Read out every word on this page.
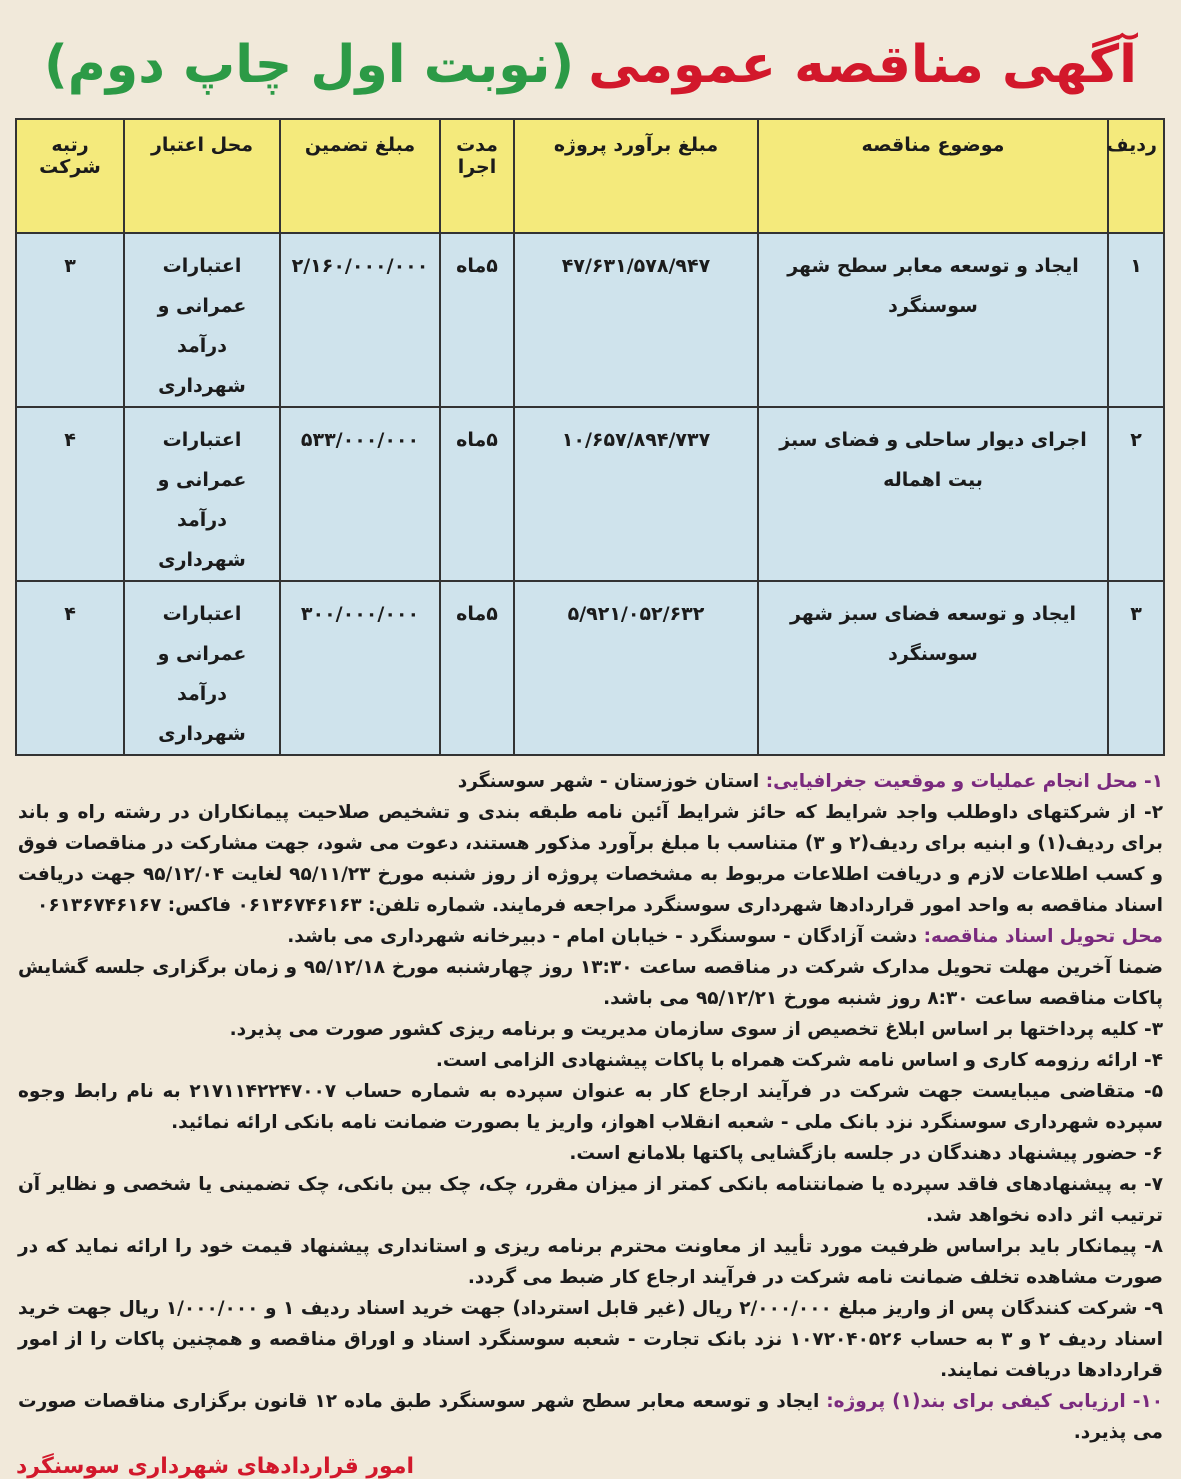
آگهی مناقصه عمومی
(نوبت اول چاپ دوم)
ردیف	موضوع مناقصه	مبلغ برآورد پروژه	مدت اجرا	مبلغ تضمین	محل اعتبار	رتبه شرکت
۱	ایجاد و توسعه معابر سطح شهر سوسنگرد	۴۷/۶۳۱/۵۷۸/۹۴۷	۵ماه	۲/۱۶۰/۰۰۰/۰۰۰	اعتبارات عمرانی و درآمد شهرداری	۳
۲	اجرای دیوار ساحلی و فضای سبز بیت اهماله	۱۰/۶۵۷/۸۹۴/۷۳۷	۵ماه	۵۳۳/۰۰۰/۰۰۰	اعتبارات عمرانی و درآمد شهرداری	۴
۳	ایجاد و توسعه فضای سبز شهر سوسنگرد	۵/۹۲۱/۰۵۲/۶۳۲	۵ماه	۳۰۰/۰۰۰/۰۰۰	اعتبارات عمرانی و درآمد شهرداری	۴

۱- محل انجام عملیات و موقعیت جغرافیایی: استان خوزستان - شهر سوسنگرد

۲- از شرکتهای داوطلب واجد شرایط که حائز شرایط آئین نامه طبقه بندی و تشخیص صلاحیت پیمانکاران در رشته راه و باند برای ردیف(۱) و ابنیه برای ردیف(۲ و ۳) متناسب با مبلغ برآورد مذکور هستند، دعوت می شود، جهت مشارکت در مناقصات فوق و کسب اطلاعات لازم و دریافت اطلاعات مربوط به مشخصات پروژه از روز شنبه مورخ ۹۵/۱۱/۲۳ لغایت ۹۵/۱۲/۰۴ جهت دریافت اسناد مناقصه به واحد امور قراردادها شهرداری سوسنگرد مراجعه فرمایند. شماره تلفن: ۰۶۱۳۶۷۴۶۱۶۳ فاکس: ۰۶۱۳۶۷۴۶۱۶۷

محل تحویل اسناد مناقصه: دشت آزادگان - سوسنگرد - خیابان امام - دبیرخانه شهرداری می باشد.

ضمنا آخرین مهلت تحویل مدارک شرکت در مناقصه ساعت ۱۳:۳۰ روز چهارشنبه مورخ ۹۵/۱۲/۱۸ و زمان برگزاری جلسه گشایش پاکات مناقصه ساعت ۸:۳۰ روز شنبه مورخ ۹۵/۱۲/۲۱ می باشد.

۳- کلیه پرداختها بر اساس ابلاغ تخصیص از سوی سازمان مدیریت و برنامه ریزی کشور صورت می پذیرد.

۴- ارائه رزومه کاری و اساس نامه شرکت همراه با پاکات پیشنهادی الزامی است.

۵- متقاضی میبایست جهت شرکت در فرآیند ارجاع کار به عنوان سپرده به شماره حساب ۲۱۷۱۱۴۲۲۴۷۰۰۷ به نام رابط وجوه سپرده شهرداری سوسنگرد نزد بانک ملی - شعبه انقلاب اهواز، واریز یا بصورت ضمانت نامه بانکی ارائه نمائید.

۶- حضور پیشنهاد دهندگان در جلسه بازگشایی پاکتها بلامانع است.

۷- به پیشنهادهای فاقد سپرده یا ضمانتنامه بانکی کمتر از میزان مقرر، چک، چک بین بانکی، چک تضمینی یا شخصی و نظایر آن ترتیب اثر داده نخواهد شد.

۸- پیمانکار باید براساس ظرفیت مورد تأیید از معاونت محترم برنامه ریزی و استانداری پیشنهاد قیمت خود را ارائه نماید که در صورت مشاهده تخلف ضمانت نامه شرکت در فرآیند ارجاع کار ضبط می گردد.

۹- شرکت کنندگان پس از واریز مبلغ ۲/۰۰۰/۰۰۰ ریال (غیر قابل استرداد) جهت خرید اسناد ردیف ۱ و ۱/۰۰۰/۰۰۰ ریال جهت خرید اسناد ردیف ۲ و ۳ به حساب ۱۰۷۲۰۴۰۵۲۶ نزد بانک تجارت - شعبه سوسنگرد اسناد و اوراق مناقصه و همچنین پاکات را از امور قراردادها دریافت نمایند.

۱۰- ارزیابی کیفی برای بند(۱) پروژه: ایجاد و توسعه معابر سطح شهر سوسنگرد طبق ماده ۱۲ قانون برگزاری مناقصات صورت می پذیرد.

امور قراردادهای شهرداری سوسنگرد
